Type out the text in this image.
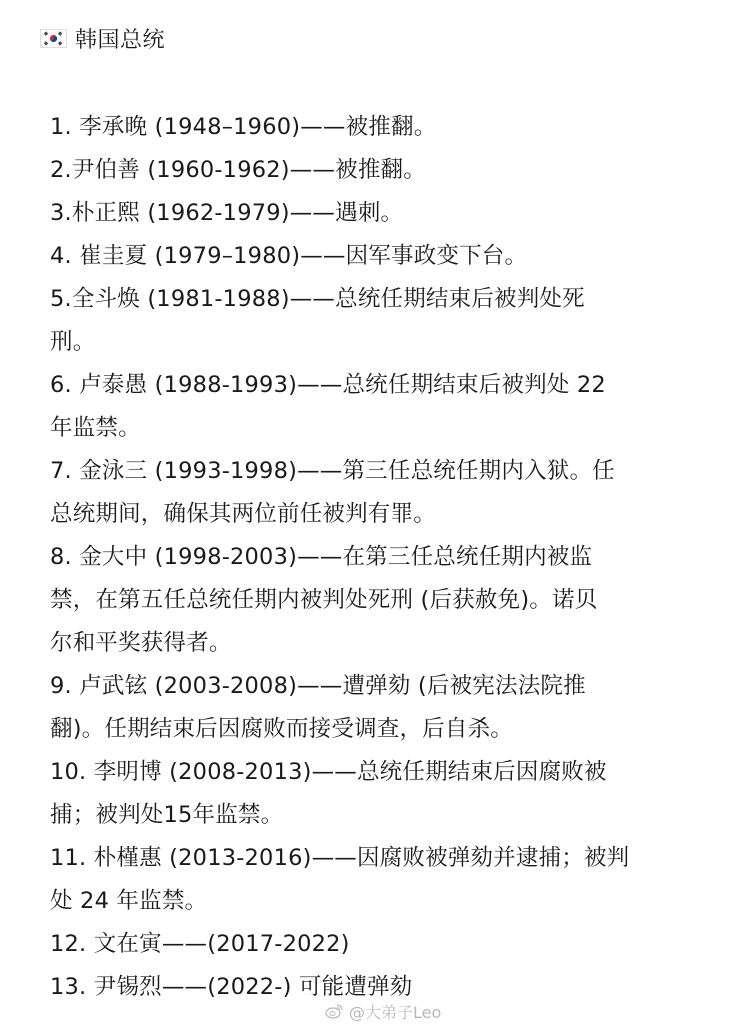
韩国总统
1. 李承晚 (1948–1960)——被推翻。
2.尹伯善 (1960-1962)——被推翻。
3.朴正熙 (1962-1979)——遇刺。
4. 崔圭夏 (1979–1980)——因军事政变下台。
5.全斗焕 (1981-1988)——总统任期结束后被判处死
刑。
6. 卢泰愚 (1988-1993)——总统任期结束后被判处 22
年监禁。
7. 金泳三 (1993-1998)——第三任总统任期内入狱。任
总统期间，确保其两位前任被判有罪。
8. 金大中 (1998-2003)——在第三任总统任期内被监
禁，在第五任总统任期内被判处死刑 (后获赦免)。诺贝
尔和平奖获得者。
9. 卢武铉 (2003-2008)——遭弹劾 (后被宪法法院推
翻)。任期结束后因腐败而接受调查，后自杀。
10. 李明博 (2008-2013)——总统任期结束后因腐败被
捕；被判处15年监禁。
11. 朴槿惠 (2013-2016)——因腐败被弹劾并逮捕；被判
处 24 年监禁。
12. 文在寅——(2017-2022)
13. 尹锡烈——(2022-) 可能遭弹劾
@大弟子Leo
